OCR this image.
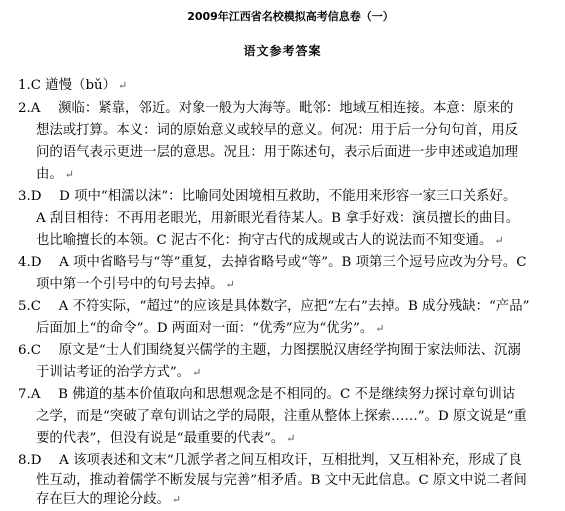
2009年江西省名校模拟高考信息卷（一）
语文参考答案
1.C 遒慢（bǔ） ↵
2.A　 濒临：紧靠，邻近。对象一般为大海等。毗邻：地域互相连接。本意：原来的
想法或打算。本义：词的原始意义或较早的意义。何况：用于后一分句句首，用反
问的语气表示更进一层的意思。况且：用于陈述句，表示后面进一步申述或追加理
由。 ↵
3.D　 D 项中“相濡以沫”：比喻同处困境相互救助，不能用来形容一家三口关系好。
A 刮目相待：不再用老眼光，用新眼光看待某人。B 拿手好戏：演员擅长的曲目。
也比喻擅长的本领。C 泥古不化：拘守古代的成规或古人的说法而不知变通。 ↵
4.D　 A 项中省略号与“等”重复，去掉省略号或“等”。B 项第三个逗号应改为分号。C
项中第一个引号中的句号去掉。 ↵
5.C　 A 不符实际，“超过”的应该是具体数字，应把“左右”去掉。B 成分残缺：“产品”
后面加上“的命令”。D 两面对一面：“优秀”应为“优劣”。 ↵
6.C　 原文是“士人们围绕复兴儒学的主题，力图摆脱汉唐经学拘囿于家法师法、沉溺
于训诂考证的治学方式”。 ↵
7.A　 B 佛道的基本价值取向和思想观念是不相同的。C 不是继续努力探讨章句训诂
之学，而是“突破了章句训诂之学的局限，注重从整体上探索……”。D 原文说是“重
要的代表”，但没有说是“最重要的代表”。 ↵
8.D　 A 该项表述和文末“几派学者之间互相攻讦，互相批判，又互相补充，形成了良
性互动，推动着儒学不断发展与完善”相矛盾。B 文中无此信息。C 原文中说二者间
存在巨大的理论分歧。 ↵
